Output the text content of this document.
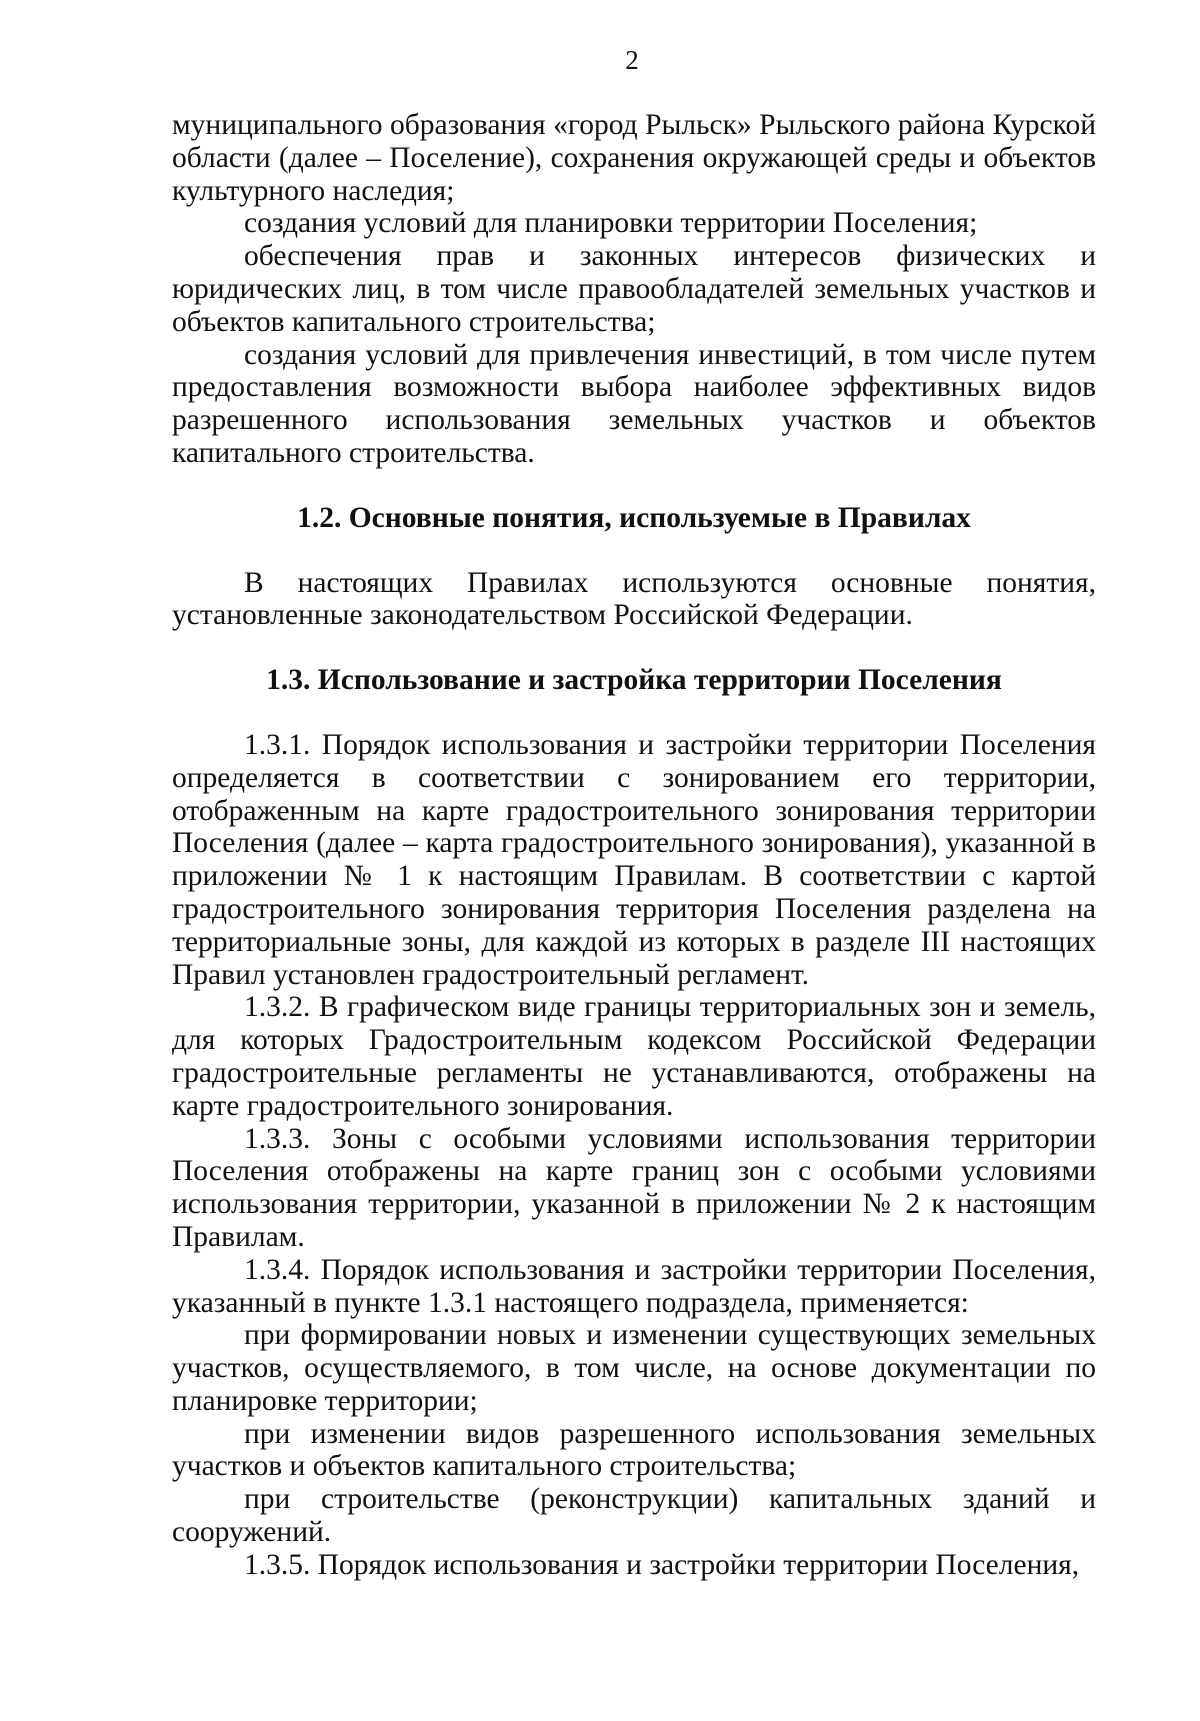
2

муниципального образования «город Рыльск» Рыльского района Курской области (далее – Поселение), сохранения окружающей среды и объектов культурного наследия;

создания условий для планировки территории Поселения;

обеспечения прав и законных интересов физических и юридических лиц, в том числе правообладателей земельных участков и объектов капитального строительства;

создания условий для привлечения инвестиций, в том числе путем предоставления возможности выбора наиболее эффективных видов разрешенного использования земельных участков и объектов капитального строительства.

1.2. Основные понятия, используемые в Правилах

В настоящих Правилах используются основные понятия, установленные законодательством Российской Федерации.

1.3. Использование и застройка территории Поселения

1.3.1. Порядок использования и застройки территории Поселения определяется в соответствии с зонированием его территории, отображенным на карте градостроительного зонирования территории Поселения (далее – карта градостроительного зонирования), указанной в приложении № 1 к настоящим Правилам. В соответствии с картой градостроительного зонирования территория Поселения разделена на территориальные зоны, для каждой из которых в разделе III настоящих Правил установлен градостроительный регламент.

1.3.2. В графическом виде границы территориальных зон и земель, для которых Градостроительным кодексом Российской Федерации градостроительные регламенты не устанавливаются, отображены на карте градостроительного зонирования.

1.3.3. Зоны с особыми условиями использования территории Поселения отображены на карте границ зон с особыми условиями использования территории, указанной в приложении № 2 к настоящим Правилам.

1.3.4. Порядок использования и застройки территории Поселения, указанный в пункте 1.3.1 настоящего подраздела, применяется:

при формировании новых и изменении существующих земельных участков, осуществляемого, в том числе, на основе документации по планировке территории;

при изменении видов разрешенного использования земельных участков и объектов капитального строительства;

при строительстве (реконструкции) капитальных зданий и сооружений.

1.3.5. Порядок использования и застройки территории Поселения,
